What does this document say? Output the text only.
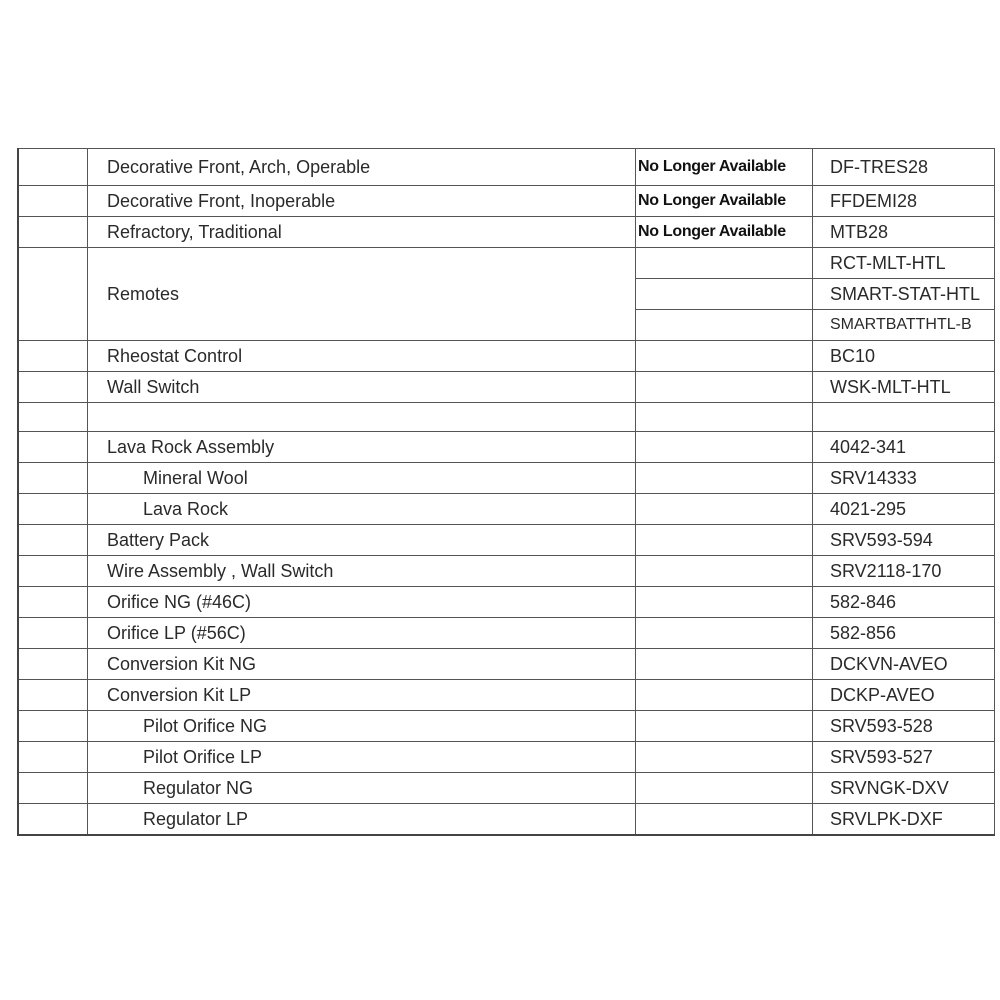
	Decorative Front, Arch, Operable	No Longer Available	DF-TRES28
	Decorative Front, Inoperable	No Longer Available	FFDEMI28
	Refractory, Traditional	No Longer Available	MTB28
	Remotes		RCT-MLT-HTL
			SMART-STAT-HTL
			SMARTBATTHTL-B
	Rheostat Control		BC10
	Wall Switch		WSK-MLT-HTL

	Lava Rock Assembly		4042-341
	Mineral Wool		SRV14333
	Lava Rock		4021-295
	Battery Pack		SRV593-594
	Wire Assembly , Wall Switch		SRV2118-170
	Orifice NG (#46C)		582-846
	Orifice LP (#56C)		582-856
	Conversion Kit NG		DCKVN-AVEO
	Conversion Kit LP		DCKP-AVEO
	Pilot Orifice NG		SRV593-528
	Pilot Orifice LP		SRV593-527
	Regulator NG		SRVNGK-DXV
	Regulator LP		SRVLPK-DXF
